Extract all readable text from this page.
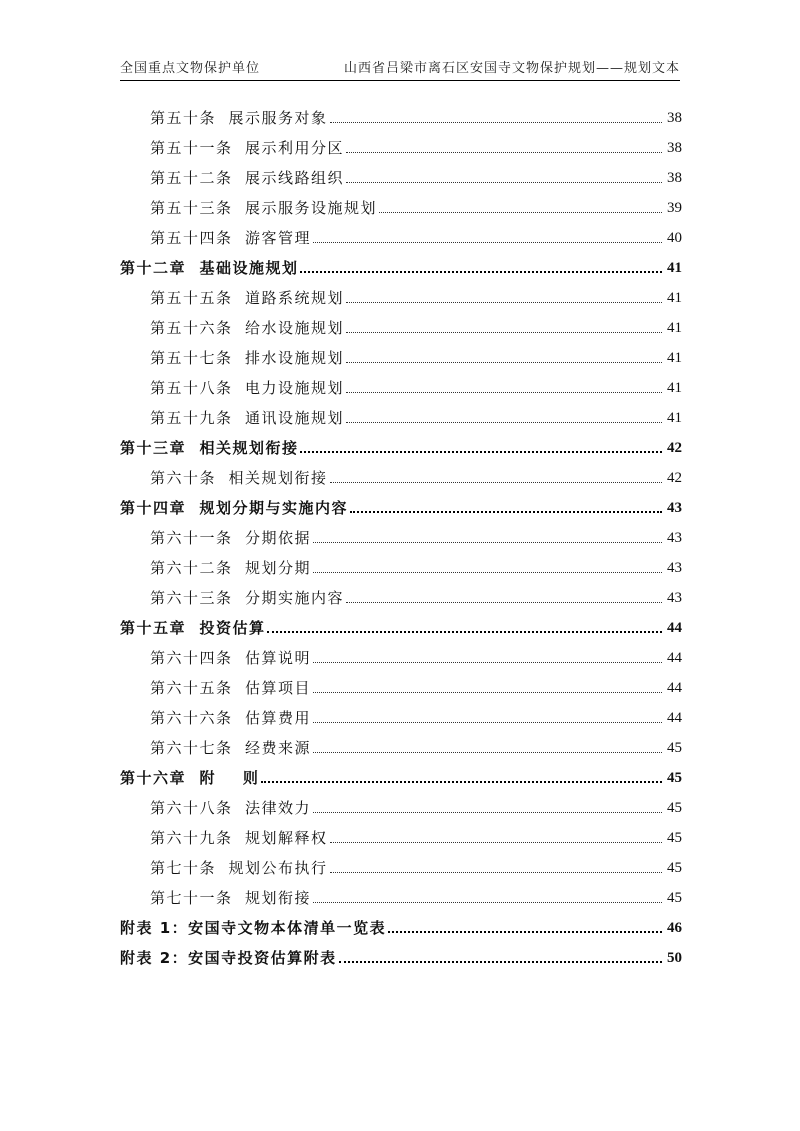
全国重点文物保护单位	山西省吕梁市离石区安国寺文物保护规划——规划文本
第五十条  展示服务对象	38
第五十一条  展示利用分区	38
第五十二条  展示线路组织	38
第五十三条  展示服务设施规划	39
第五十四条  游客管理	40
第十二章  基础设施规划	41
第五十五条  道路系统规划	41
第五十六条  给水设施规划	41
第五十七条  排水设施规划	41
第五十八条  电力设施规划	41
第五十九条  通讯设施规划	41
第十三章  相关规划衔接	42
第六十条  相关规划衔接	42
第十四章  规划分期与实施内容	43
第六十一条  分期依据	43
第六十二条  规划分期	43
第六十三条  分期实施内容	43
第十五章  投资估算	44
第六十四条  估算说明	44
第六十五条  估算项目	44
第六十六条  估算费用	44
第六十七条  经费来源	45
第十六章  附    则	45
第六十八条  法律效力	45
第六十九条  规划解释权	45
第七十条  规划公布执行	45
第七十一条  规划衔接	45
附表 1：安国寺文物本体清单一览表	46
附表 2：安国寺投资估算附表	50
